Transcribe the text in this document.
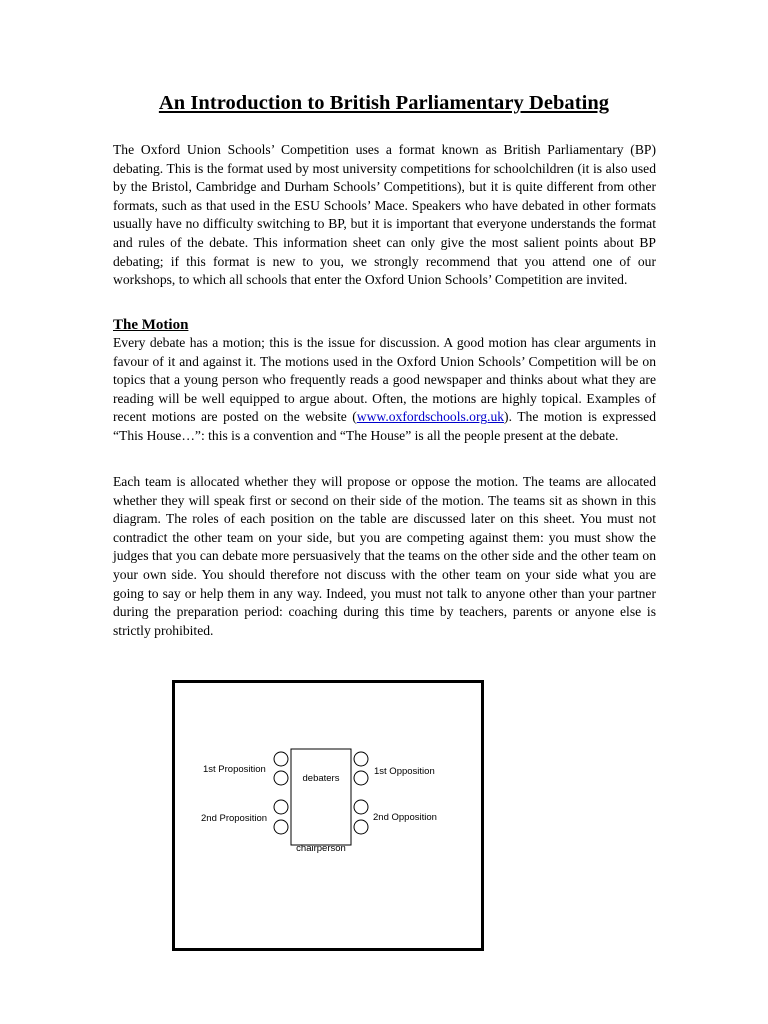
An Introduction to British Parliamentary Debating

The Oxford Union Schools’ Competition uses a format known as British Parliamentary (BP) debating. This is the format used by most university competitions for schoolchildren (it is also used by the Bristol, Cambridge and Durham Schools’ Competitions), but it is quite different from other formats, such as that used in the ESU Schools’ Mace. Speakers who have debated in other formats usually have no difficulty switching to BP, but it is important that everyone understands the format and rules of the debate. This information sheet can only give the most salient points about BP debating; if this format is new to you, we strongly recommend that you attend one of our workshops, to which all schools that enter the Oxford Union Schools’ Competition are invited.

The Motion

Every debate has a motion; this is the issue for discussion. A good motion has clear arguments in favour of it and against it. The motions used in the Oxford Union Schools’ Competition will be on topics that a young person who frequently reads a good newspaper and thinks about what they are reading will be well equipped to argue about. Often, the motions are highly topical. Examples of recent motions are posted on the website (www.oxfordschools.org.uk). The motion is expressed “This House…”: this is a convention and “The House” is all the people present at the debate.

Each team is allocated whether they will propose or oppose the motion. The teams are allocated whether they will speak first or second on their side of the motion. The teams sit as shown in this diagram. The roles of each position on the table are discussed later on this sheet. You must not contradict the other team on your side, but you are competing against them: you must show the judges that you can debate more persuasively that the teams on the other side and the other team on your own side. You should therefore not discuss with the other team on your side what you are going to say or help them in any way. Indeed, you must not talk to anyone other than your partner during the preparation period: coaching during this time by teachers, parents or anyone else is strictly prohibited.

1st Proposition
2nd Proposition
1st Opposition
2nd Opposition
debaters
chairperson
